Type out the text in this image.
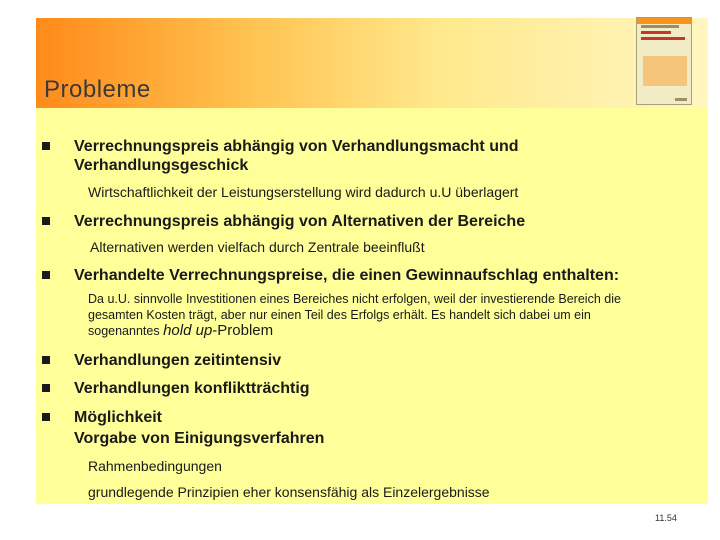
Probleme
Verrechnungspreis abhängig von Verhandlungsmacht und
Verhandlungsgeschick
Wirtschaftlichkeit der Leistungserstellung wird dadurch u.U überlagert
Verrechnungspreis abhängig von Alternativen der Bereiche
Alternativen werden vielfach durch Zentrale beeinflußt
Verhandelte Verrechnungspreise, die einen Gewinnaufschlag enthalten:
Da u.U. sinnvolle Investitionen eines Bereiches nicht erfolgen, weil der investierende Bereich die
gesamten Kosten trägt, aber nur einen Teil des Erfolgs erhält. Es handelt sich dabei um ein
sogenanntes hold up-Problem
Verhandlungen zeitintensiv
Verhandlungen konfliktträchtig
Möglichkeit
Vorgabe von Einigungsverfahren
Rahmenbedingungen
grundlegende Prinzipien eher konsensfähig als Einzelergebnisse
11.54
